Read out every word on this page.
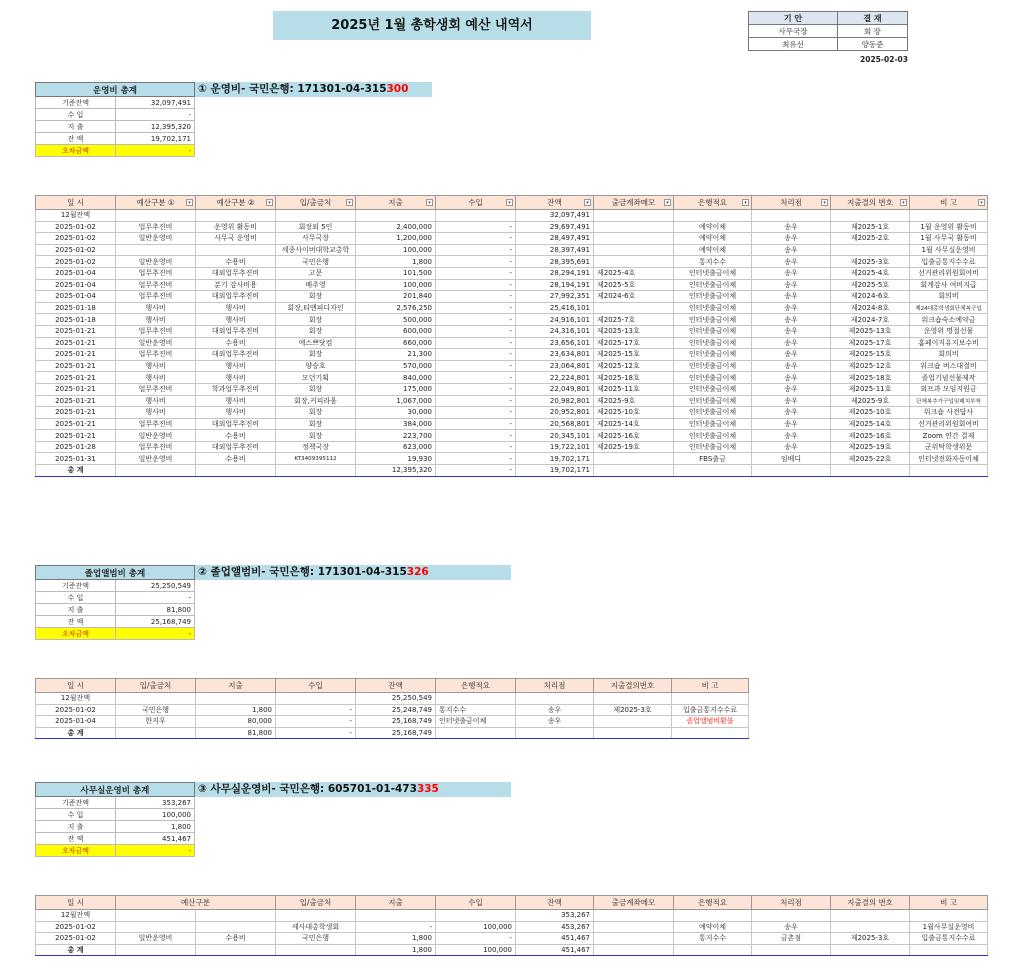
2025년 1월 총학생회 예산 내역서	기 안	결 재
사무국장	회 장
최유선	양동준
2025-02-03
운영비 총계	
기준잔액	32,097,491
수 입	-
지 출	12,395,320
잔 액	19,702,171
오차금액	-
① 운영비- 국민은행: 171301-04-315300
일 시	예산구분 ① ▾	예산구분 ② ▾	입/출금처 ▾	지출 ▾	수입 ▾	잔액 ▾	출금계좌메모 ▾	은행적요 ▾	처리점 ▾	지출결의 번호 ▾	비 고 ▾

12월잔액						32,097,491					
2025-01-02	업무추진비	운영위 활동비	회장외 5인	2,400,000	-	29,697,491		예약이체	송우	제2025-1호	1월 운영위 활동비
2025-01-02	일반운영비	사무국 운영비	사무국장	1,200,000	-	28,497,491		예약이체	송우	제2025-2호	1월 사무국 활동비
2025-01-02			세종사이버대학교총학	100,000	-	28,397,491		예약이체	송우		1월 사무실운영비
2025-01-02	일반운영비	수용비	국민은행	1,800	-	28,395,691		통지수수	송우	제2025-3호	입출금통지수수료
2025-01-04	업무추진비	대외업무추진비	고문	101,500	-	28,294,191	제2025-4호	인터넷출금이체	송우	제2025-4호	선거관리위원회여비
2025-01-04	업무추진비	분기 감사비용	배주영	100,000	-	28,194,191	제2025-5호	인터넷출금이체	송우	제2025-5호	회계감사 여비지급
2025-01-04	업무추진비	대외업무추진비	회장	201,840	-	27,992,351	제2024-6호	인터넷출금이체	송우	제2024-6호	회의비
2025-01-18	행사비	행사비	회장,티앤피디자인	2,576,250	-	25,416,101		인터넷출금이체	송우	제2024-8호	제24대총학생회단체복구입
2025-01-18	행사비	행사비	회장	500,000	-	24,916,101	제2025-7호	인터넷출금이체	송우	제2024-7호	워크숍숙소예약금
2025-01-21	업무추진비	대외업무추진비	회장	600,000	-	24,316,101	제2025-13호	인터넷출금이체	송우	제2025-13호	운영위 명절선물
2025-01-21	일반운영비	수용비	에스쁘닷컴	660,000	-	23,656,101	제2025-17호	인터넷출금이체	송우	제2025-17호	홈페이지유지보수비
2025-01-21	업무추진비	대외업무추진비	회장	21,300	-	23,634,801	제2025-15호	인터넷출금이체	송우	제2025-15호	회의비
2025-01-21	행사비	행사비	양승호	570,000	-	23,064,801	제2025-12호	인터넷출금이체	송우	제2025-12호	워크숍 버스대절비
2025-01-21	행사비	행사비	모던기획	840,000	-	22,224,801	제2025-18호	인터넷출금이체	송우	제2025-18호	졸업기념선물제작
2025-01-21	업무추진비	학과업무추진비	회장	175,000	-	22,049,801	제2025-11호	인터넷출금이체	송우	제2025-11호	외프과 모임지원금
2025-01-21	행사비	행사비	회장,커피라움	1,067,000	-	20,982,801	제2025-9호	인터넷출금이체	송우	제2025-9호	단체복추가구입및패치부착
2025-01-21	행사비	행사비	회장	30,000	-	20,952,801	제2025-10호	인터넷출금이체	송우	제2025-10호	워크숍 사전답사
2025-01-21	업무추진비	대외업무추진비	회장	384,000	-	20,568,801	제2025-14호	인터넷출금이체	송우	제2025-14호	선거관리위원회여비
2025-01-21	일반운영비	수용비	회장	223,700	-	20,345,101	제2025-16호	인터넷출금이체	송우	제2025-16호	Zoom 연간 결제
2025-01-28	업무추진비	대외업무추진비	정책국장	623,000	-	19,722,101	제2025-19호	인터넷출금이체	송우	제2025-19호	군위탁학생위문
2025-01-31	일반운영비	수용비	KT3409395112	19,930	-	19,702,171		FBS출금	임베디	제2025-22호	인터넷전화자동이체
총 계				12,395,320	-	19,702,171					
졸업앨범비 총계	
기준잔액	25,250,549
수 입	-
지 출	81,800
잔 액	25,168,749
오차금액	-
② 졸업앨범비- 국민은행: 171301-04-315326
일 시	입/출금처	지출	수입	잔액	은행적요	처리점	지출결의번호	비 고
12월잔액				25,250,549				
2025-01-02	국민은행	1,800	-	25,248,749	통지수수	송우	제2025-3호	입출금통지수수료
2025-01-04	한지우	80,000	-	25,168,749	인터넷출금이체	송우		졸업앨범비환불
총 계		81,800	-	25,168,749				
사무실운영비 총계	
기준잔액	353,267
수 입	100,000
지 출	1,800
잔 액	451,467
오차금액	-
③ 사무실운영비- 국민은행: 605701-01-473335
일 시	예산구분		입/출금처	지출	수입	잔액	출금계좌메모	은행적요	처리점	지출결의 번호	비 고
12월잔액						353,267					
2025-01-02			세사대총학생회	-	100,000	453,267		예약이체	송우		1월사무실운영비
2025-01-02	일반운영비	수용비	국민은행	1,800	-	451,467		통지수수	금촌점	제2025-3호	입출금통지수수료
총 계				1,800	100,000	451,467					
